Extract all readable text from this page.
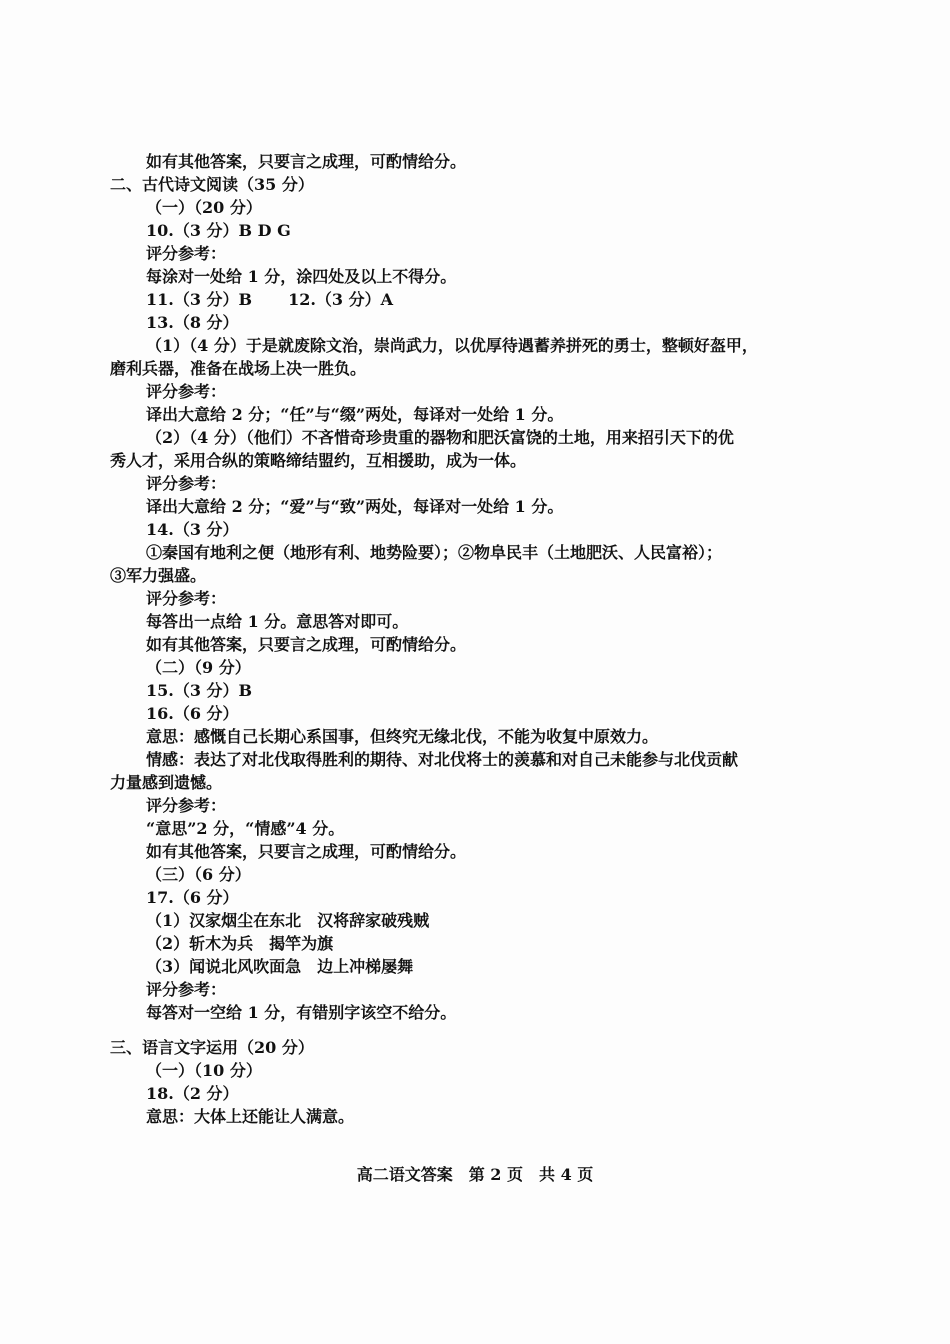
如有其他答案，只要言之成理，可酌情给分。
二、古代诗文阅读（35 分）
（一）（20 分）
10.（3 分）B D G
评分参考：
每涂对一处给 1 分，涂四处及以上不得分。
11.（3 分）B 12.（3 分）A
13.（8 分）
（1）（4 分）于是就废除文治，崇尚武力，以优厚待遇蓄养拼死的勇士，整顿好盔甲，
磨利兵器，准备在战场上决一胜负。
评分参考：
译出大意给 2 分；“任”与“缀”两处，每译对一处给 1 分。
（2）（4 分）（他们）不吝惜奇珍贵重的器物和肥沃富饶的土地，用来招引天下的优
秀人才，采用合纵的策略缔结盟约，互相援助，成为一体。
评分参考：
译出大意给 2 分；“爱”与“致”两处，每译对一处给 1 分。
14.（3 分）
①秦国有地利之便（地形有利、地势险要）；②物阜民丰（土地肥沃、人民富裕）；
③军力强盛。
评分参考：
每答出一点给 1 分。意思答对即可。
如有其他答案，只要言之成理，可酌情给分。
（二）（9 分）
15.（3 分）B
16.（6 分）
意思：感慨自己长期心系国事，但终究无缘北伐，不能为收复中原效力。
情感：表达了对北伐取得胜利的期待、对北伐将士的羡慕和对自己未能参与北伐贡献
力量感到遗憾。
评分参考：
“意思”2 分，“情感”4 分。
如有其他答案，只要言之成理，可酌情给分。
（三）（6 分）
17.（6 分）
（1）汉家烟尘在东北　汉将辞家破残贼
（2）斩木为兵　揭竿为旗
（3）闻说北风吹面急　边上冲梯屡舞
评分参考：
每答对一空给 1 分，有错别字该空不给分。
三、语言文字运用（20 分）
（一）（10 分）
18.（2 分）
意思：大体上还能让人满意。
高二语文答案　第 2 页　共 4 页
